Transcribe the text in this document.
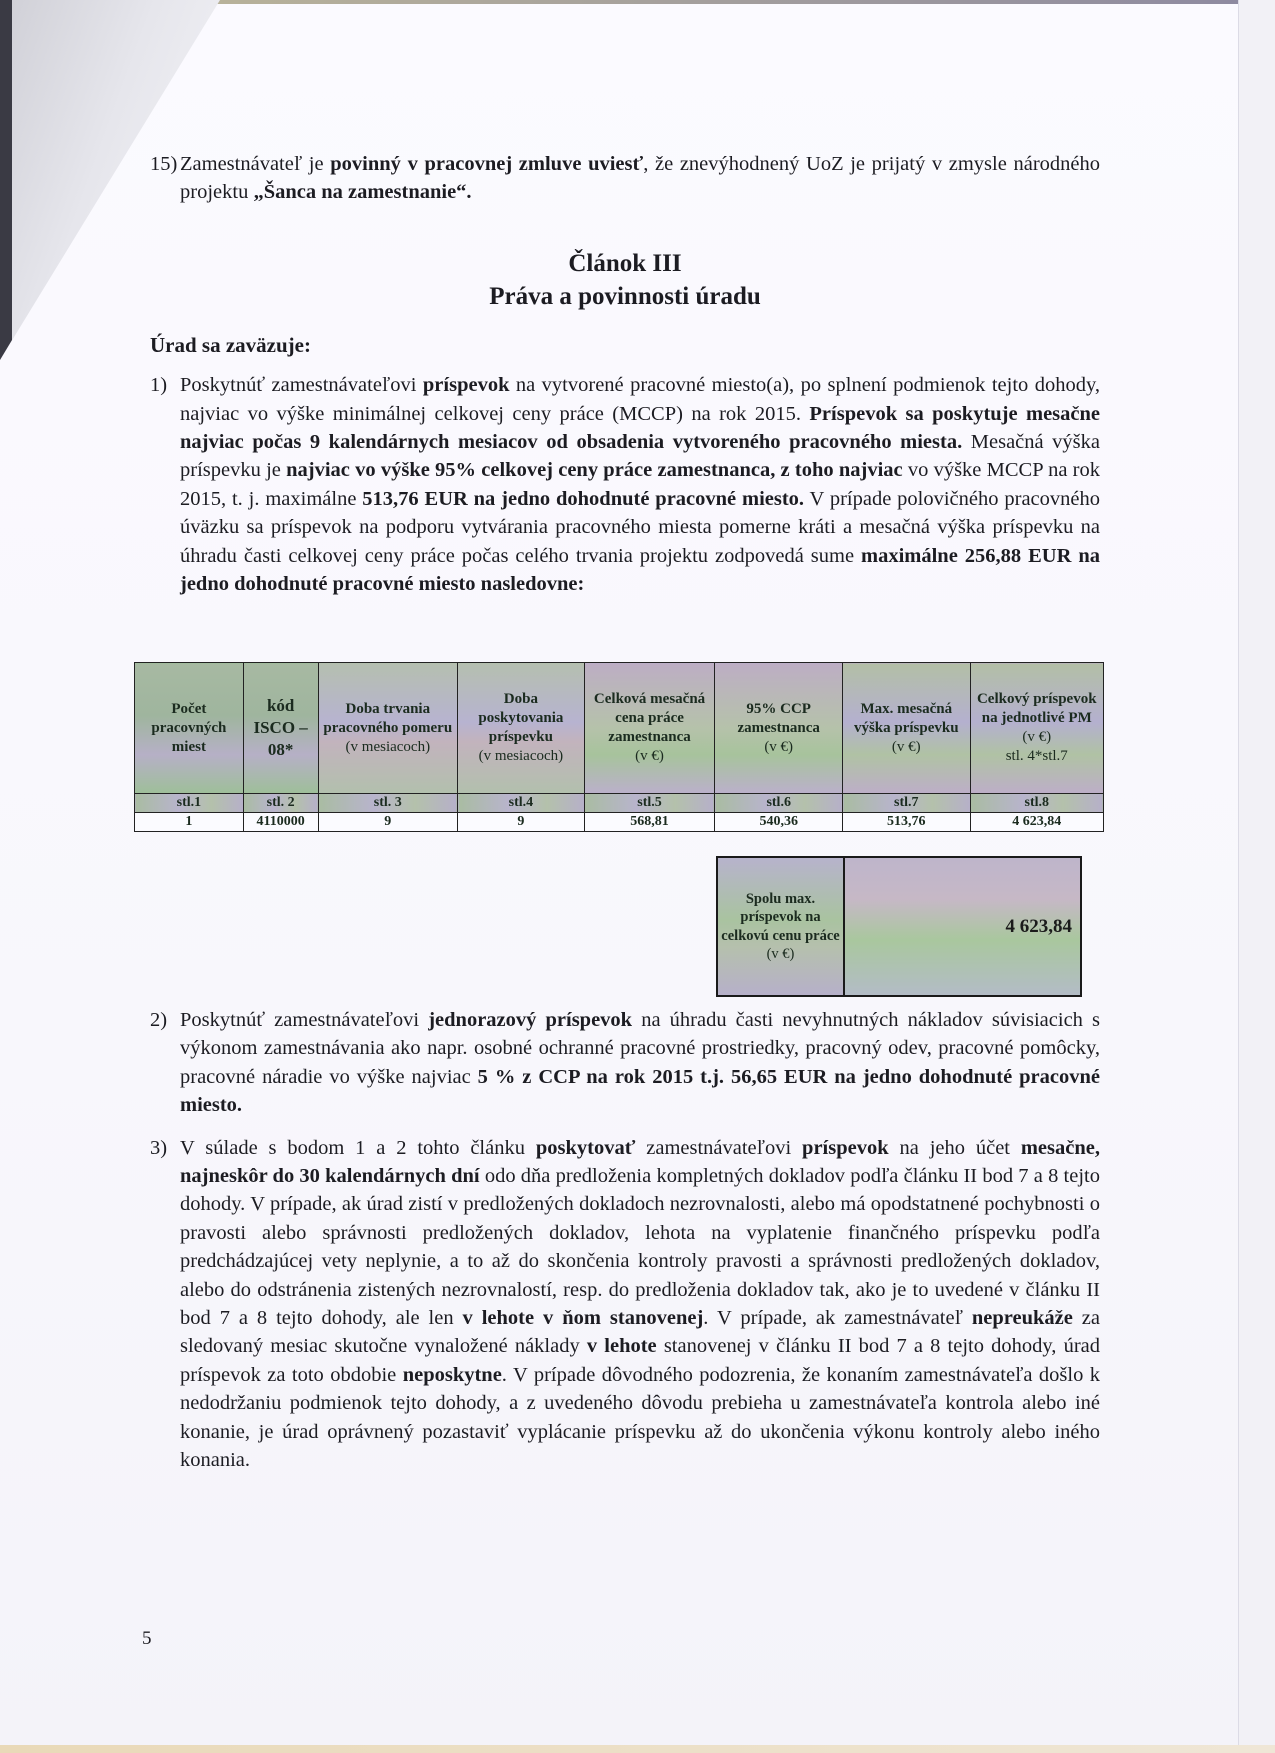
15) Zamestnávateľ je povinný v pracovnej zmluve uviesť, že znevýhodnený UoZ je prijatý v zmysle národného projektu „Šanca na zamestnanie“.

Článok III
Práva a povinnosti úradu

Úrad sa zaväzuje:

1) Poskytnúť zamestnávateľovi príspevok na vytvorené pracovné miesto(a), po splnení podmienok tejto dohody, najviac vo výške minimálnej celkovej ceny práce (MCCP) na rok 2015. Príspevok sa poskytuje mesačne najviac počas 9 kalendárnych mesiacov od obsadenia vytvoreného pracovného miesta. Mesačná výška príspevku je najviac vo výške 95% celkovej ceny práce zamestnanca, z toho najviac vo výške MCCP na rok 2015, t. j. maximálne 513,76 EUR na jedno dohodnuté pracovné miesto. V prípade polovičného pracovného úväzku sa príspevok na podporu vytvárania pracovného miesta pomerne kráti a mesačná výška príspevku na úhradu časti celkovej ceny práce počas celého trvania projektu zodpovedá sume maximálne 256,88 EUR na jedno dohodnuté pracovné miesto nasledovne:

Počet pracovných miest	kód ISCO – 08*	Doba trvania pracovného pomeru
(v mesiacoch)	Doba poskytovania príspevku
(v mesiacoch)	Celková mesačná cena práce zamestnanca
(v €)	95% CCP zamestnanca
(v €)	Max. mesačná výška príspevku
(v €)	Celkový príspevok na jednotlivé PM
(v €)
stl. 4*stl.7
stl.1	stl. 2	stl. 3	stl.4	stl.5	stl.6	stl.7	stl.8
1	4110000	9	9	568,81	540,36	513,76	4 623,84
Spolu max. príspevok na celkovú cenu práce
(v €)	4 623,84

2) Poskytnúť zamestnávateľovi jednorazový príspevok na úhradu časti nevyhnutných nákladov súvisiacich s výkonom zamestnávania ako napr. osobné ochranné pracovné prostriedky, pracovný odev, pracovné pomôcky, pracovné náradie vo výške najviac 5 % z CCP na rok 2015 t.j. 56,65 EUR na jedno dohodnuté pracovné miesto.

3) V súlade s bodom 1 a 2 tohto článku poskytovať zamestnávateľovi príspevok na jeho účet mesačne, najneskôr do 30 kalendárnych dní odo dňa predloženia kompletných dokladov podľa článku II bod 7 a 8 tejto dohody. V prípade, ak úrad zistí v predložených dokladoch nezrovnalosti, alebo má opodstatnené pochybnosti o pravosti alebo správnosti predložených dokladov, lehota na vyplatenie finančného príspevku podľa predchádzajúcej vety neplynie, a to až do skončenia kontroly pravosti a správnosti predložených dokladov, alebo do odstránenia zistených nezrovnalostí, resp. do predloženia dokladov tak, ako je to uvedené v článku II bod 7 a 8 tejto dohody, ale len v lehote v ňom stanovenej. V prípade, ak zamestnávateľ nepreukáže za sledovaný mesiac skutočne vynaložené náklady v lehote stanovenej v článku II bod 7 a 8 tejto dohody, úrad príspevok za toto obdobie neposkytne. V prípade dôvodného podozrenia, že konaním zamestnávateľa došlo k nedodržaniu podmienok tejto dohody, a z uvedeného dôvodu prebieha u zamestnávateľa kontrola alebo iné konanie, je úrad oprávnený pozastaviť vyplácanie príspevku až do ukončenia výkonu kontroly alebo iného konania.

5
